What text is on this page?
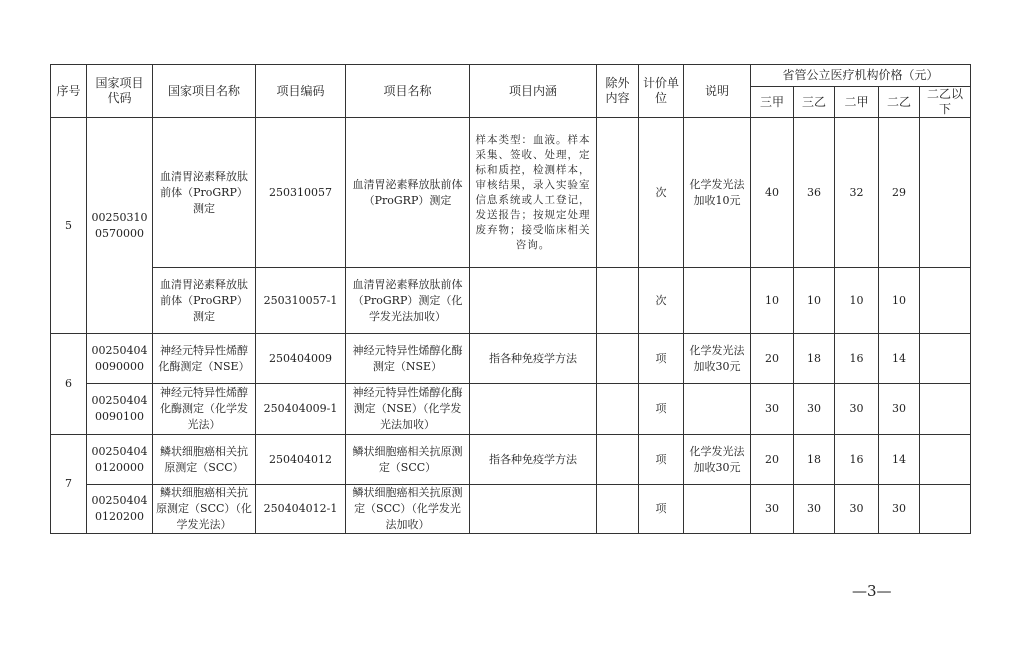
序号	国家项目代码	国家项目名称	项目编码	项目名称	项目内涵	除外内容	计价单位	说明	省管公立医疗机构价格（元）				
									三甲	三乙	二甲	二乙	二乙以下
5	002503100570000	血清胃泌素释放肽前体（ProGRP）测定	250310057	血清胃泌素释放肽前体（ProGRP）测定	样本类型：血液。样本采集、签收、处理，定标和质控，检测样本，审核结果，录入实验室信息系统或人工登记，发送报告；按规定处理废弃物；接受临床相关咨询。		次	化学发光法加收10元	40	36	32	29	
		血清胃泌素释放肽前体（ProGRP）测定	250310057-1	血清胃泌素释放肽前体（ProGRP）测定（化学发光法加收）			次		10	10	10	10	
6	002504040090000	神经元特异性烯醇化酶测定（NSE）	250404009	神经元特异性烯醇化酶测定（NSE）	指各种免疫学方法		项	化学发光法加收30元	20	18	16	14	
	002504040090100	神经元特异性烯醇化酶测定（化学发光法）	250404009-1	神经元特异性烯醇化酶测定（NSE）（化学发光法加收）			项		30	30	30	30	
7	002504040120000	鳞状细胞癌相关抗原测定（SCC）	250404012	鳞状细胞癌相关抗原测定（SCC）	指各种免疫学方法		项	化学发光法加收30元	20	18	16	14	
	002504040120200	鳞状细胞癌相关抗原测定（SCC）（化学发光法）	250404012-1	鳞状细胞癌相关抗原测定（SCC）（化学发光法加收）			项		30	30	30	30	
—3—
